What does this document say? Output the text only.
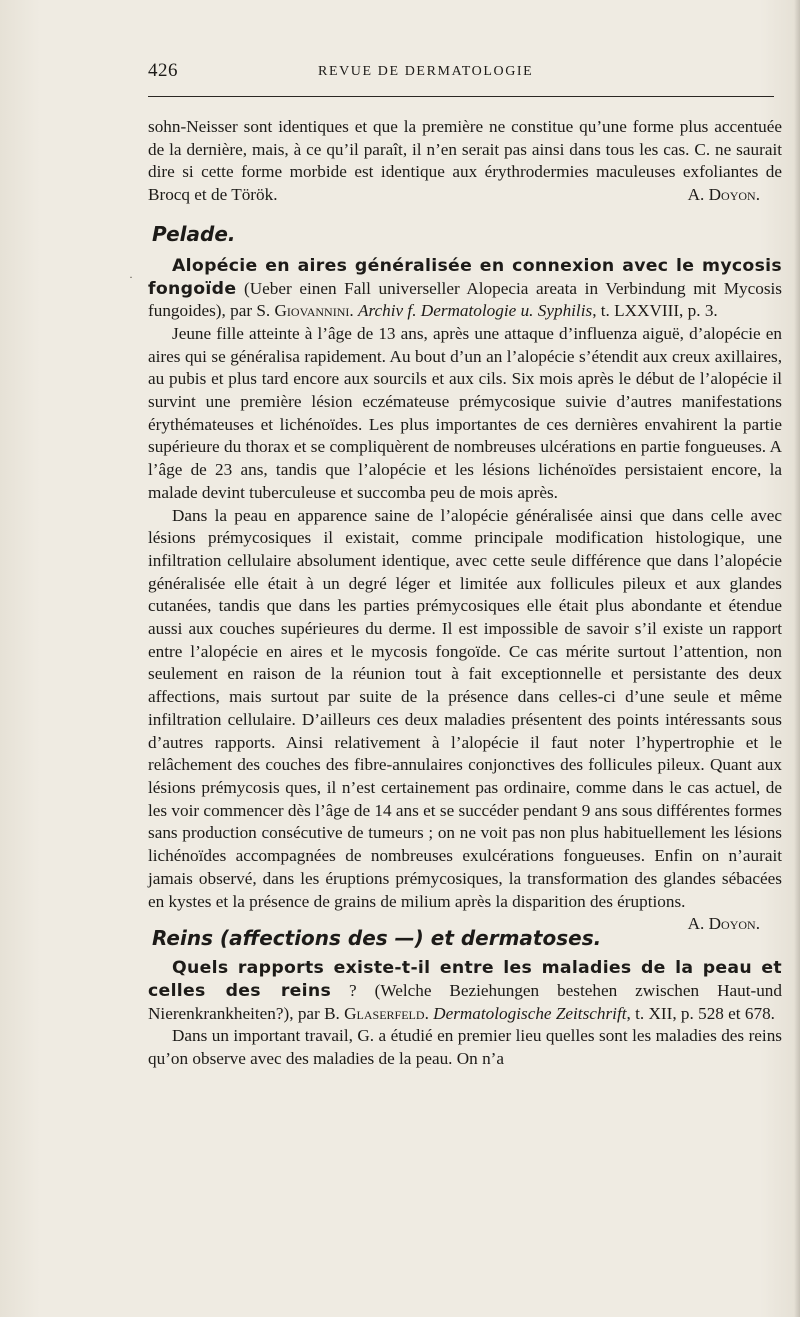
426	REVUE DE DERMATOLOGIE
·

sohn-Neisser sont identiques et que la première ne constitue qu’une forme plus accentuée de la dernière, mais, à ce qu’il paraît, il n’en serait pas ainsi dans tous les cas. C. ne saurait dire si cette forme morbide est identique aux érythrodermies maculeuses exfoliantes de Brocq et de Török.	A. Doyon.

Pelade.

Alopécie en aires généralisée en connexion avec le mycosis fongoïde (Ueber einen Fall universeller Alopecia areata in Verbindung mit Mycosis fungoides), par S. Giovannini. Archiv f. Dermatologie u. Syphilis, t. LXXVIII, p. 3.

Jeune fille atteinte à l’âge de 13 ans, après une attaque d’influenza aiguë, d’alopécie en aires qui se généralisa rapidement. Au bout d’un an l’alopécie s’étendit aux creux axillaires, au pubis et plus tard encore aux sourcils et aux cils. Six mois après le début de l’alopécie il survint une première lésion eczémateuse prémycosique suivie d’autres manifestations érythémateuses et lichénoïdes. Les plus importantes de ces dernières envahirent la partie supérieure du thorax et se compliquèrent de nombreuses ulcérations en partie fongueuses. A l’âge de 23 ans, tandis que l’alopécie et les lésions lichénoïdes persistaient encore, la malade devint tuberculeuse et succomba peu de mois après.

Dans la peau en apparence saine de l’alopécie généralisée ainsi que dans celle avec lésions prémycosiques il existait, comme principale modification histologique, une infiltration cellulaire absolument identique, avec cette seule différence que dans l’alopécie généralisée elle était à un degré léger et limitée aux follicules pileux et aux glandes cutanées, tandis que dans les parties prémycosiques elle était plus abondante et étendue aussi aux couches supérieures du derme. Il est impossible de savoir s’il existe un rapport entre l’alopécie en aires et le mycosis fongoïde. Ce cas mérite surtout l’attention, non seulement en raison de la réunion tout à fait exceptionnelle et persistante des deux affections, mais surtout par suite de la présence dans celles-ci d’une seule et même infiltration cellulaire. D’ailleurs ces deux maladies présentent des points intéressants sous d’autres rapports. Ainsi relativement à l’alopécie il faut noter l’hypertrophie et le relâchement des couches des fibre-annulaires conjonctives des follicules pileux. Quant aux lésions prémycosis ques, il n’est certainement pas ordinaire, comme dans le cas actuel, de les voir commencer dès l’âge de 14 ans et se succéder pendant 9 ans sous différentes formes sans production consécutive de tumeurs ; on ne voit pas non plus habituellement les lésions lichénoïdes accompagnées de nombreuses exulcérations fongueuses. Enfin on n’aurait jamais observé, dans les éruptions prémycosiques, la transformation des glandes sébacées en kystes et la présence de grains de milium après la disparition des éruptions.
A. Doyon.

Reins (affections des —) et dermatoses.

Quels rapports existe-t-il entre les maladies de la peau et celles des reins ? (Welche Beziehungen bestehen zwischen Haut-und Nierenkrankheiten?), par B. Glaserfeld. Dermatologische Zeitschrift, t. XII, p. 528 et 678.

Dans un important travail, G. a étudié en premier lieu quelles sont les maladies des reins qu’on observe avec des maladies de la peau. On n’a
